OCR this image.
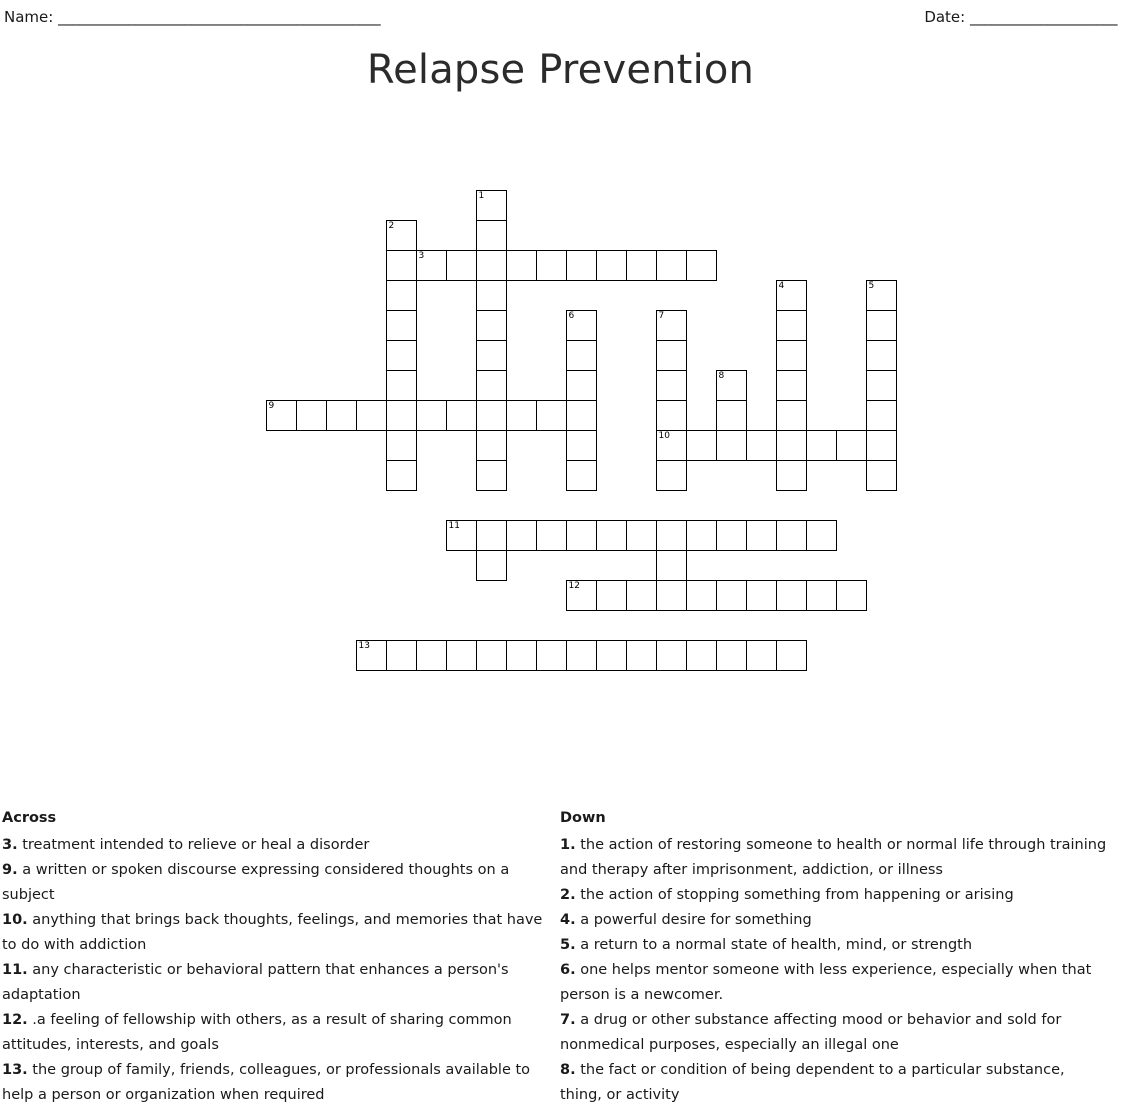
Name: ______________________________________________	Date: _____________________
Relapse Prevention
1
2
3
4	5
6	7
8
9
10
11
12
13
Across
3. treatment intended to relieve or heal a disorder
9. a written or spoken discourse expressing considered thoughts on a subject
10. anything that brings back thoughts, feelings, and memories that have to do with addiction
11. any characteristic or behavioral pattern that enhances a person's adaptation
12. .a feeling of fellowship with others, as a result of sharing common attitudes, interests, and goals
13. the group of family, friends, colleagues, or professionals available to help a person or organization when required
Down
1. the action of restoring someone to health or normal life through training and therapy after imprisonment, addiction, or illness
2. the action of stopping something from happening or arising
4. a powerful desire for something
5. a return to a normal state of health, mind, or strength
6. one helps mentor someone with less experience, especially when that person is a newcomer.
7. a drug or other substance affecting mood or behavior and sold for nonmedical purposes, especially an illegal one
8. the fact or condition of being dependent to a particular substance, thing, or activity
